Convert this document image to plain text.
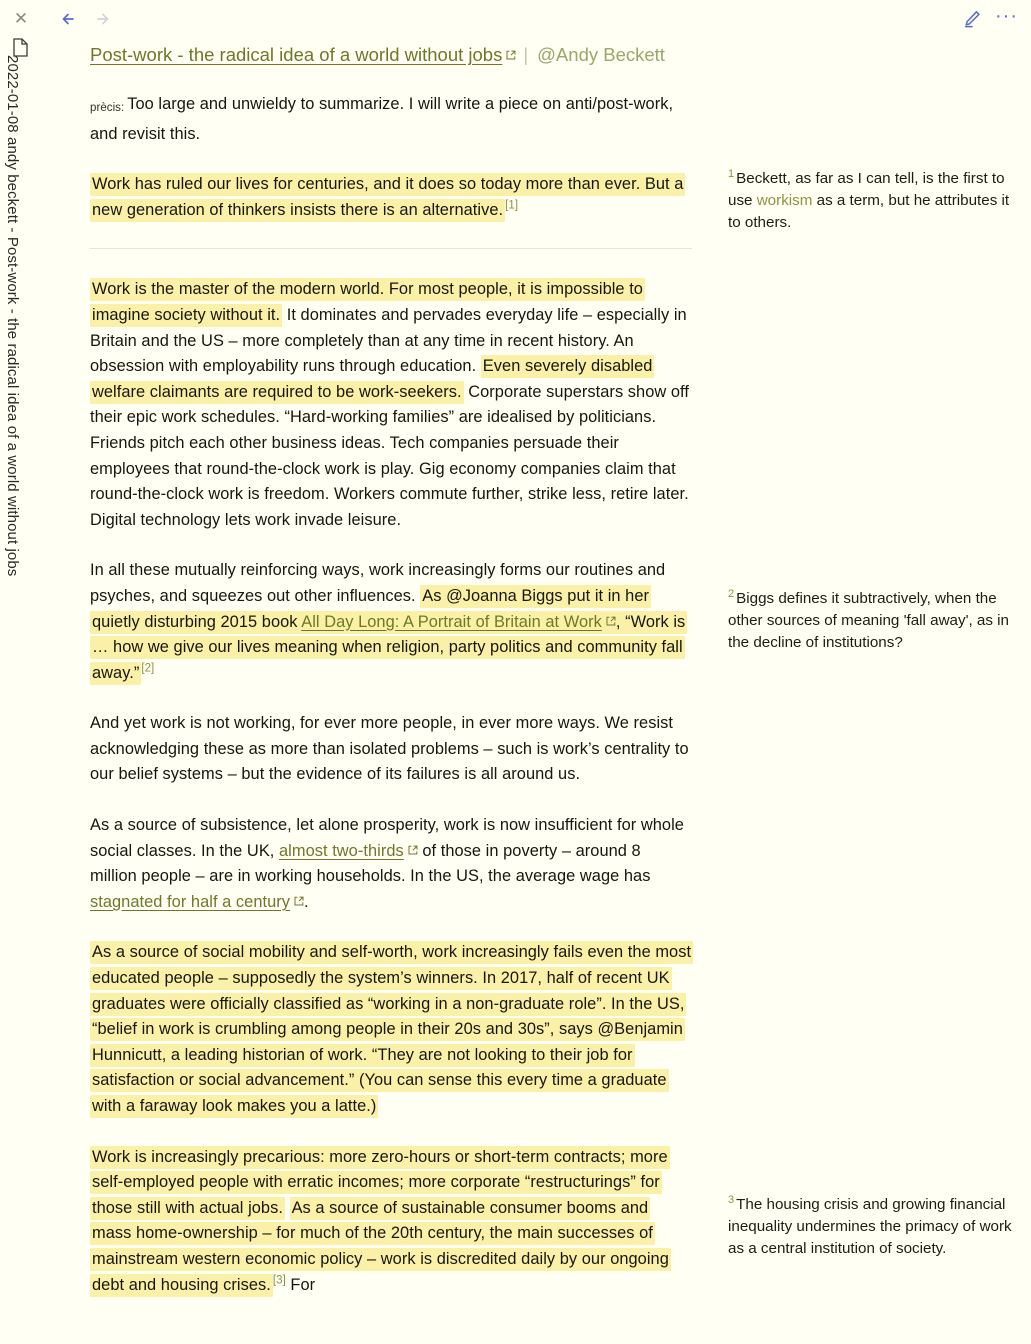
✕
2022-01-08 andy beckett - Post-work - the radical idea of a world without jobs
···
Post-work - the radical idea of a world without jobs | @Andy Beckett

prècis: Too large and unwieldy to summarize. I will write a piece on anti/post-work, and revisit this.

Work has ruled our lives for centuries, and it does so today more than ever. But a new generation of thinkers insists there is an alternative. [1]

Work is the master of the modern world. For most people, it is impossible to imagine society without it. It dominates and pervades everyday life – especially in Britain and the US – more completely than at any time in recent history. An obsession with employability runs through education. Even severely disabled welfare claimants are required to be work-seekers. Corporate superstars show off their epic work schedules. “Hard-working families” are idealised by politicians. Friends pitch each other business ideas. Tech companies persuade their employees that round-the-clock work is play. Gig economy companies claim that round-the-clock work is freedom. Workers commute further, strike less, retire later. Digital technology lets work invade leisure.

In all these mutually reinforcing ways, work increasingly forms our routines and psyches, and squeezes out other influences. As @Joanna Biggs put it in her quietly disturbing 2015 book All Day Long: A Portrait of Britain at Work , “Work is … how we give our lives meaning when religion, party politics and community fall away.” [2]

And yet work is not working, for ever more people, in ever more ways. We resist acknowledging these as more than isolated problems – such is work’s centrality to our belief systems – but the evidence of its failures is all around us.

As a source of subsistence, let alone prosperity, work is now insufficient for whole social classes. In the UK, almost two-thirds
of those in poverty – around 8 million people – are in working households. In the US, the average wage has stagnated for half a century .

As a source of social mobility and self-worth, work increasingly fails even the most educated people – supposedly the system’s winners. In 2017, half of recent UK graduates were officially classified as “working in a non-graduate role”. In the US, “belief in work is crumbling among people in their 20s and 30s”, says @Benjamin Hunnicutt, a leading historian of work. “They are not looking to their job for satisfaction or social advancement.” (You can sense this every time a graduate with a faraway look makes you a latte.)

Work is increasingly precarious: more zero-hours or short-term contracts; more self-employed people with erratic incomes; more corporate “restructurings” for those still with actual jobs. As a source of sustainable consumer booms and mass home-ownership – for much of the 20th century, the main successes of mainstream western economic policy – work is discredited daily by our ongoing debt and housing crises. [3] For

$^1$ Beckett, as far as I can tell, is the first to use workism as a term, but he attributes it to others.
$^2$ Biggs defines it subtractively, when the other sources of meaning 'fall away', as in the decline of institutions?
$^3$ The housing crisis and growing financial inequality undermines the primacy of work as a central institution of society.
